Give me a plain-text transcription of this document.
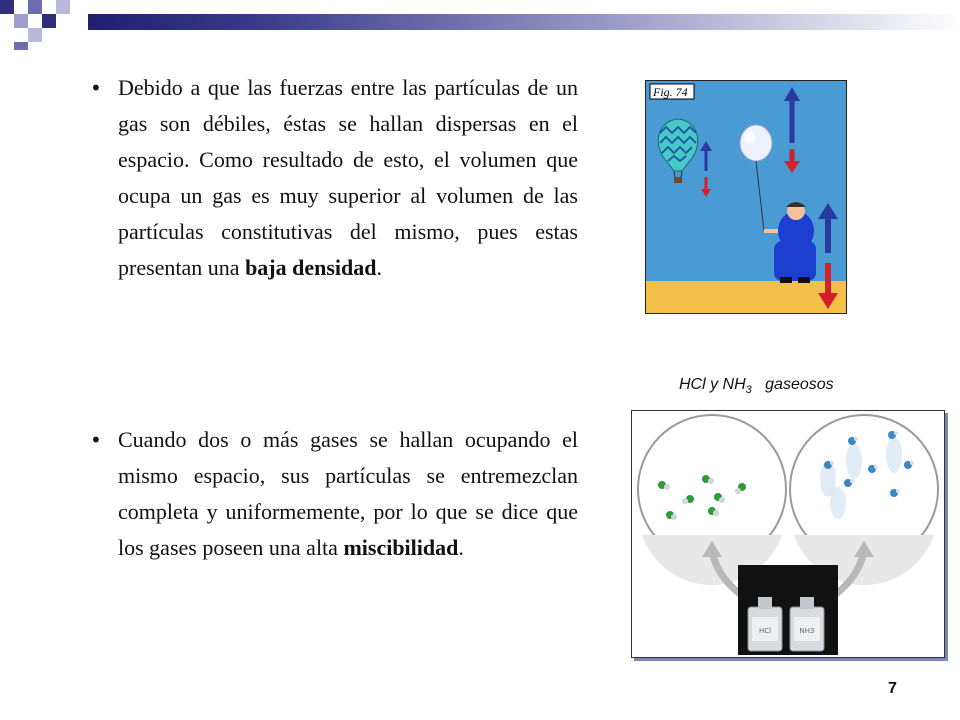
• Debido a que las fuerzas entre las partículas de un gas son débiles, éstas se hallan dispersas en el espacio. Como resultado de esto, el volumen que ocupa un gas es muy superior al volumen de las partículas constitutivas del mismo, pues estas presentan una baja densidad.
• Cuando dos o más gases se hallan ocupando el mismo espacio, sus partículas se entremezclan completa y uniformemente, por lo que se dice que los gases poseen una alta miscibilidad.
Fig. 74
HCl y $NH_3$ gaseosos
HCl	NH3
7
